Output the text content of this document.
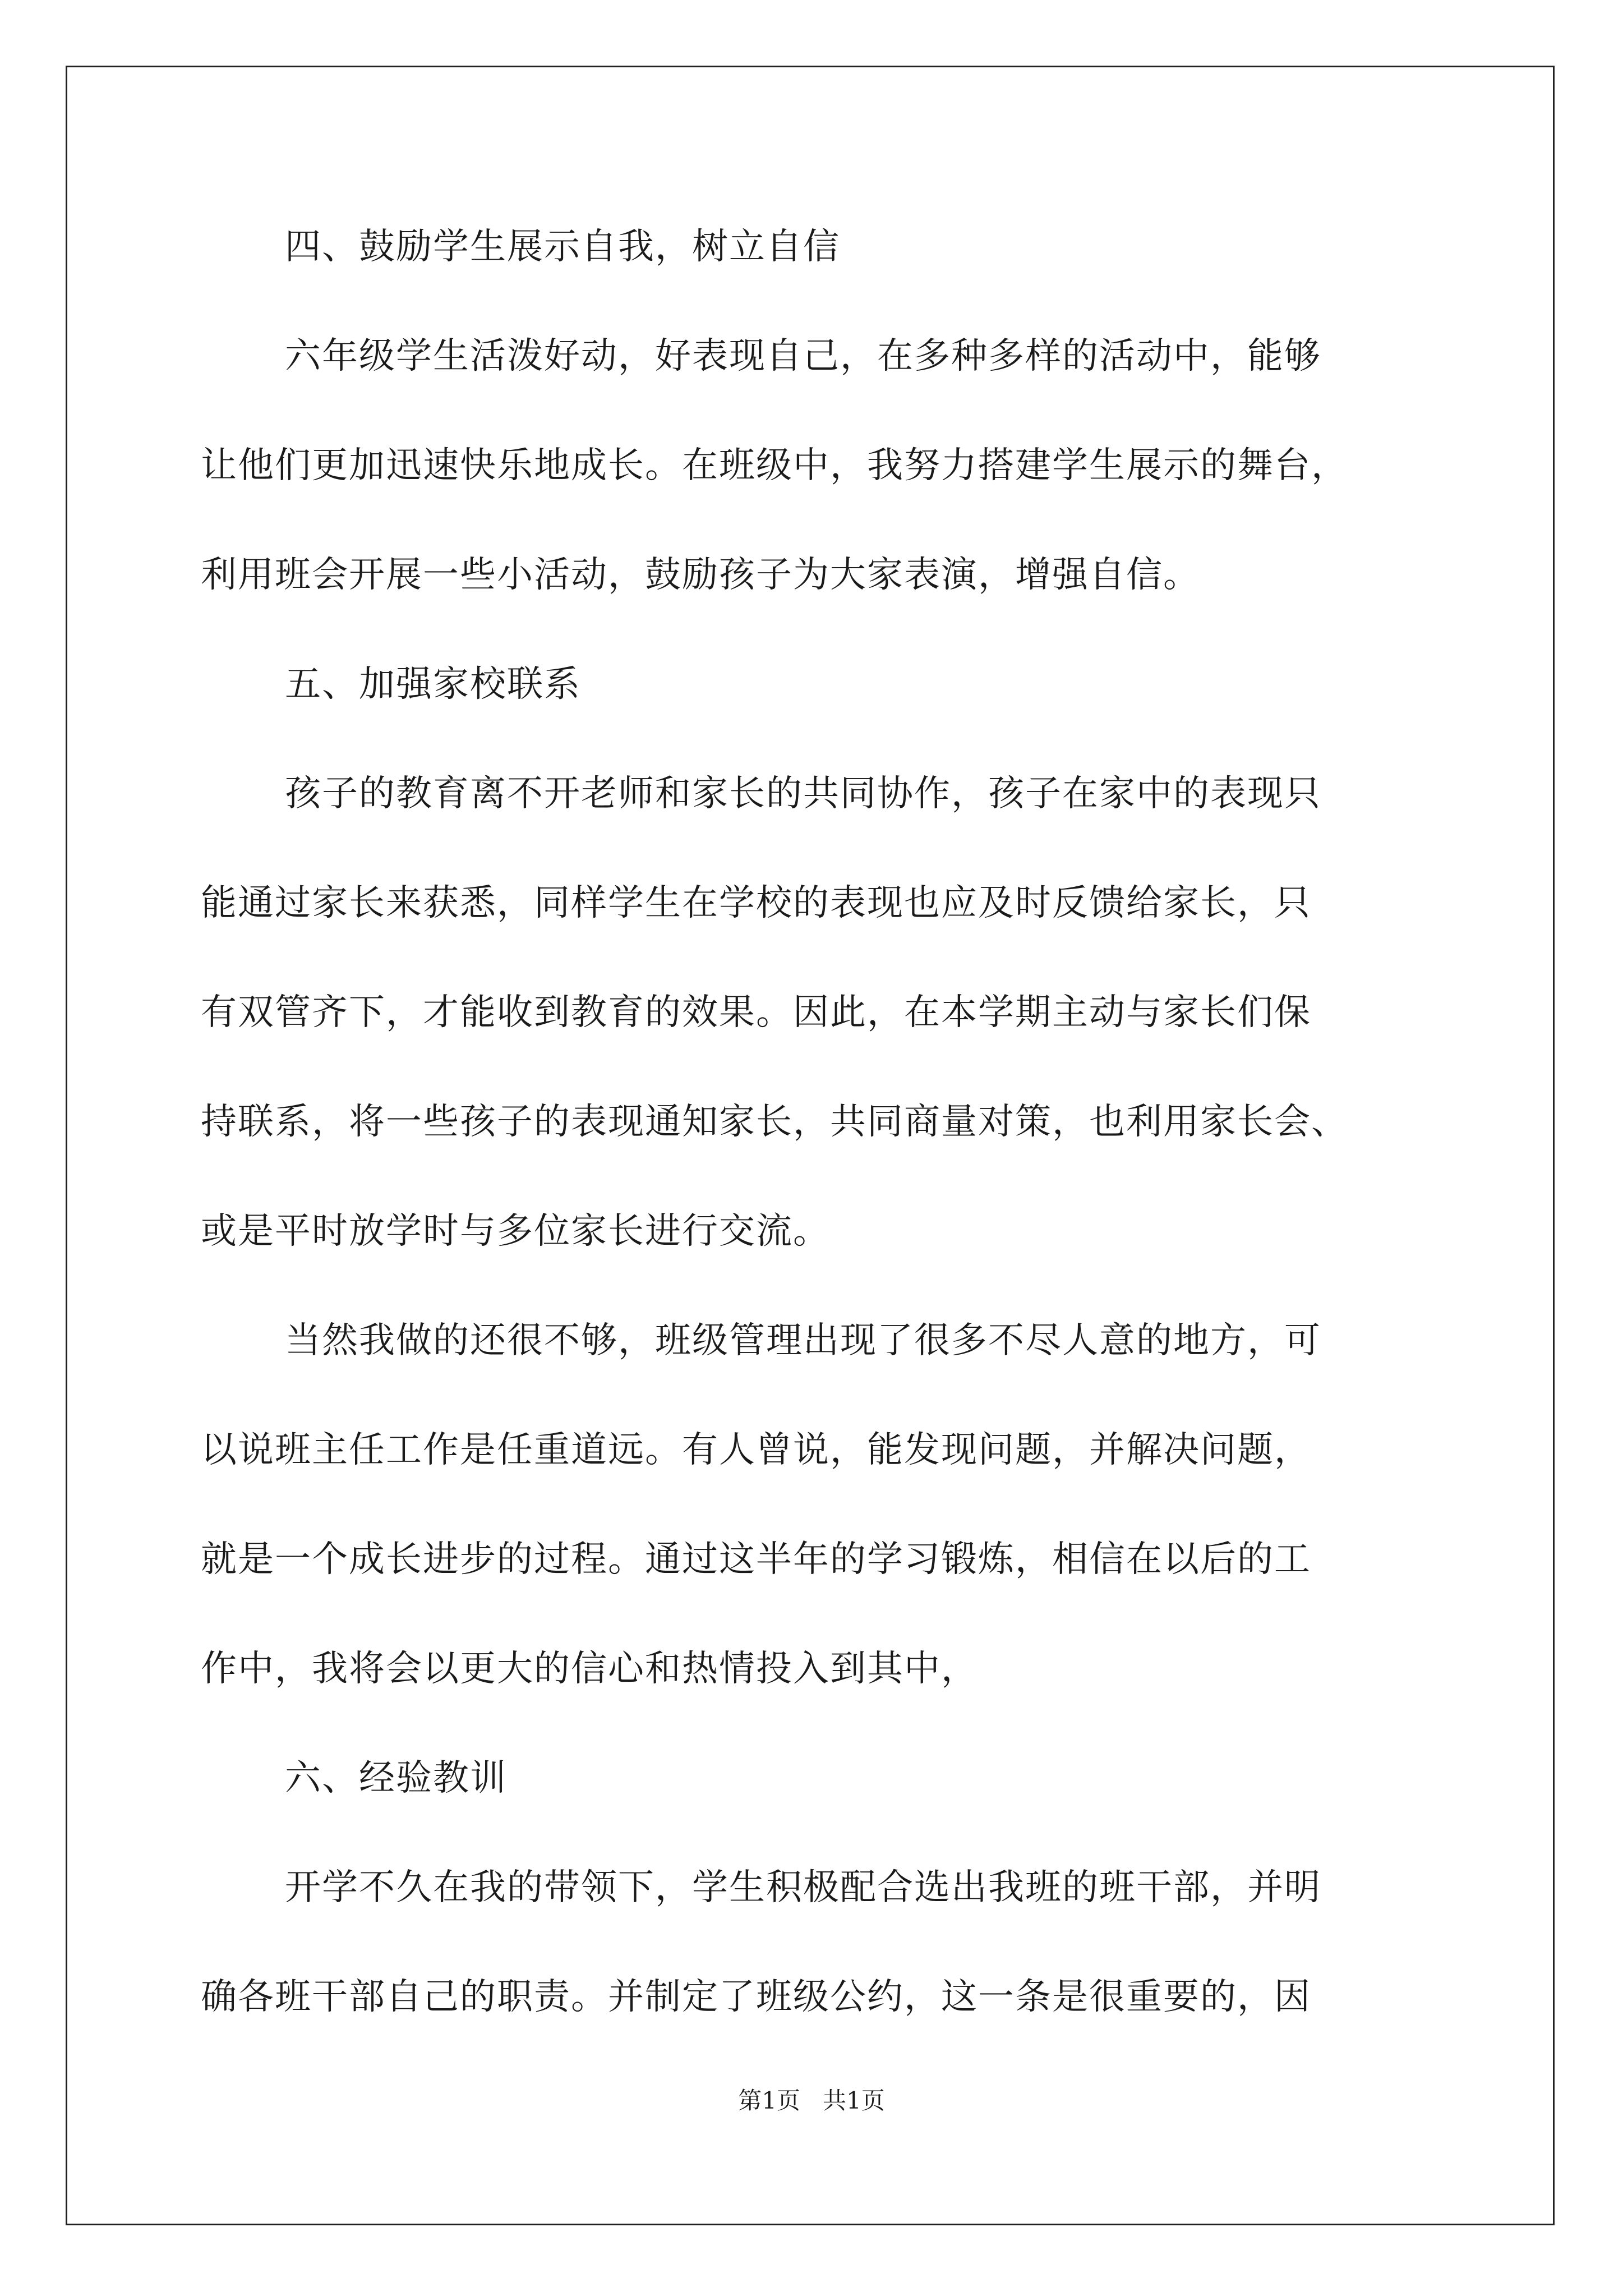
四、鼓励学生展示自我，树立自信
六年级学生活泼好动，好表现自己，在多种多样的活动中，能够
让他们更加迅速快乐地成长。在班级中，我努力搭建学生展示的舞台，
利用班会开展一些小活动，鼓励孩子为大家表演，增强自信。
五、加强家校联系
孩子的教育离不开老师和家长的共同协作，孩子在家中的表现只
能通过家长来获悉，同样学生在学校的表现也应及时反馈给家长，只
有双管齐下，才能收到教育的效果。因此，在本学期主动与家长们保
持联系，将一些孩子的表现通知家长，共同商量对策，也利用家长会、
或是平时放学时与多位家长进行交流。
当然我做的还很不够，班级管理出现了很多不尽人意的地方，可
以说班主任工作是任重道远。有人曾说，能发现问题，并解决问题，
就是一个成长进步的过程。通过这半年的学习锻炼，相信在以后的工
作中，我将会以更大的信心和热情投入到其中，
六、经验教训
开学不久在我的带领下，学生积极配合选出我班的班干部，并明
确各班干部自己的职责。并制定了班级公约，这一条是很重要的，因
第1页   共1页
